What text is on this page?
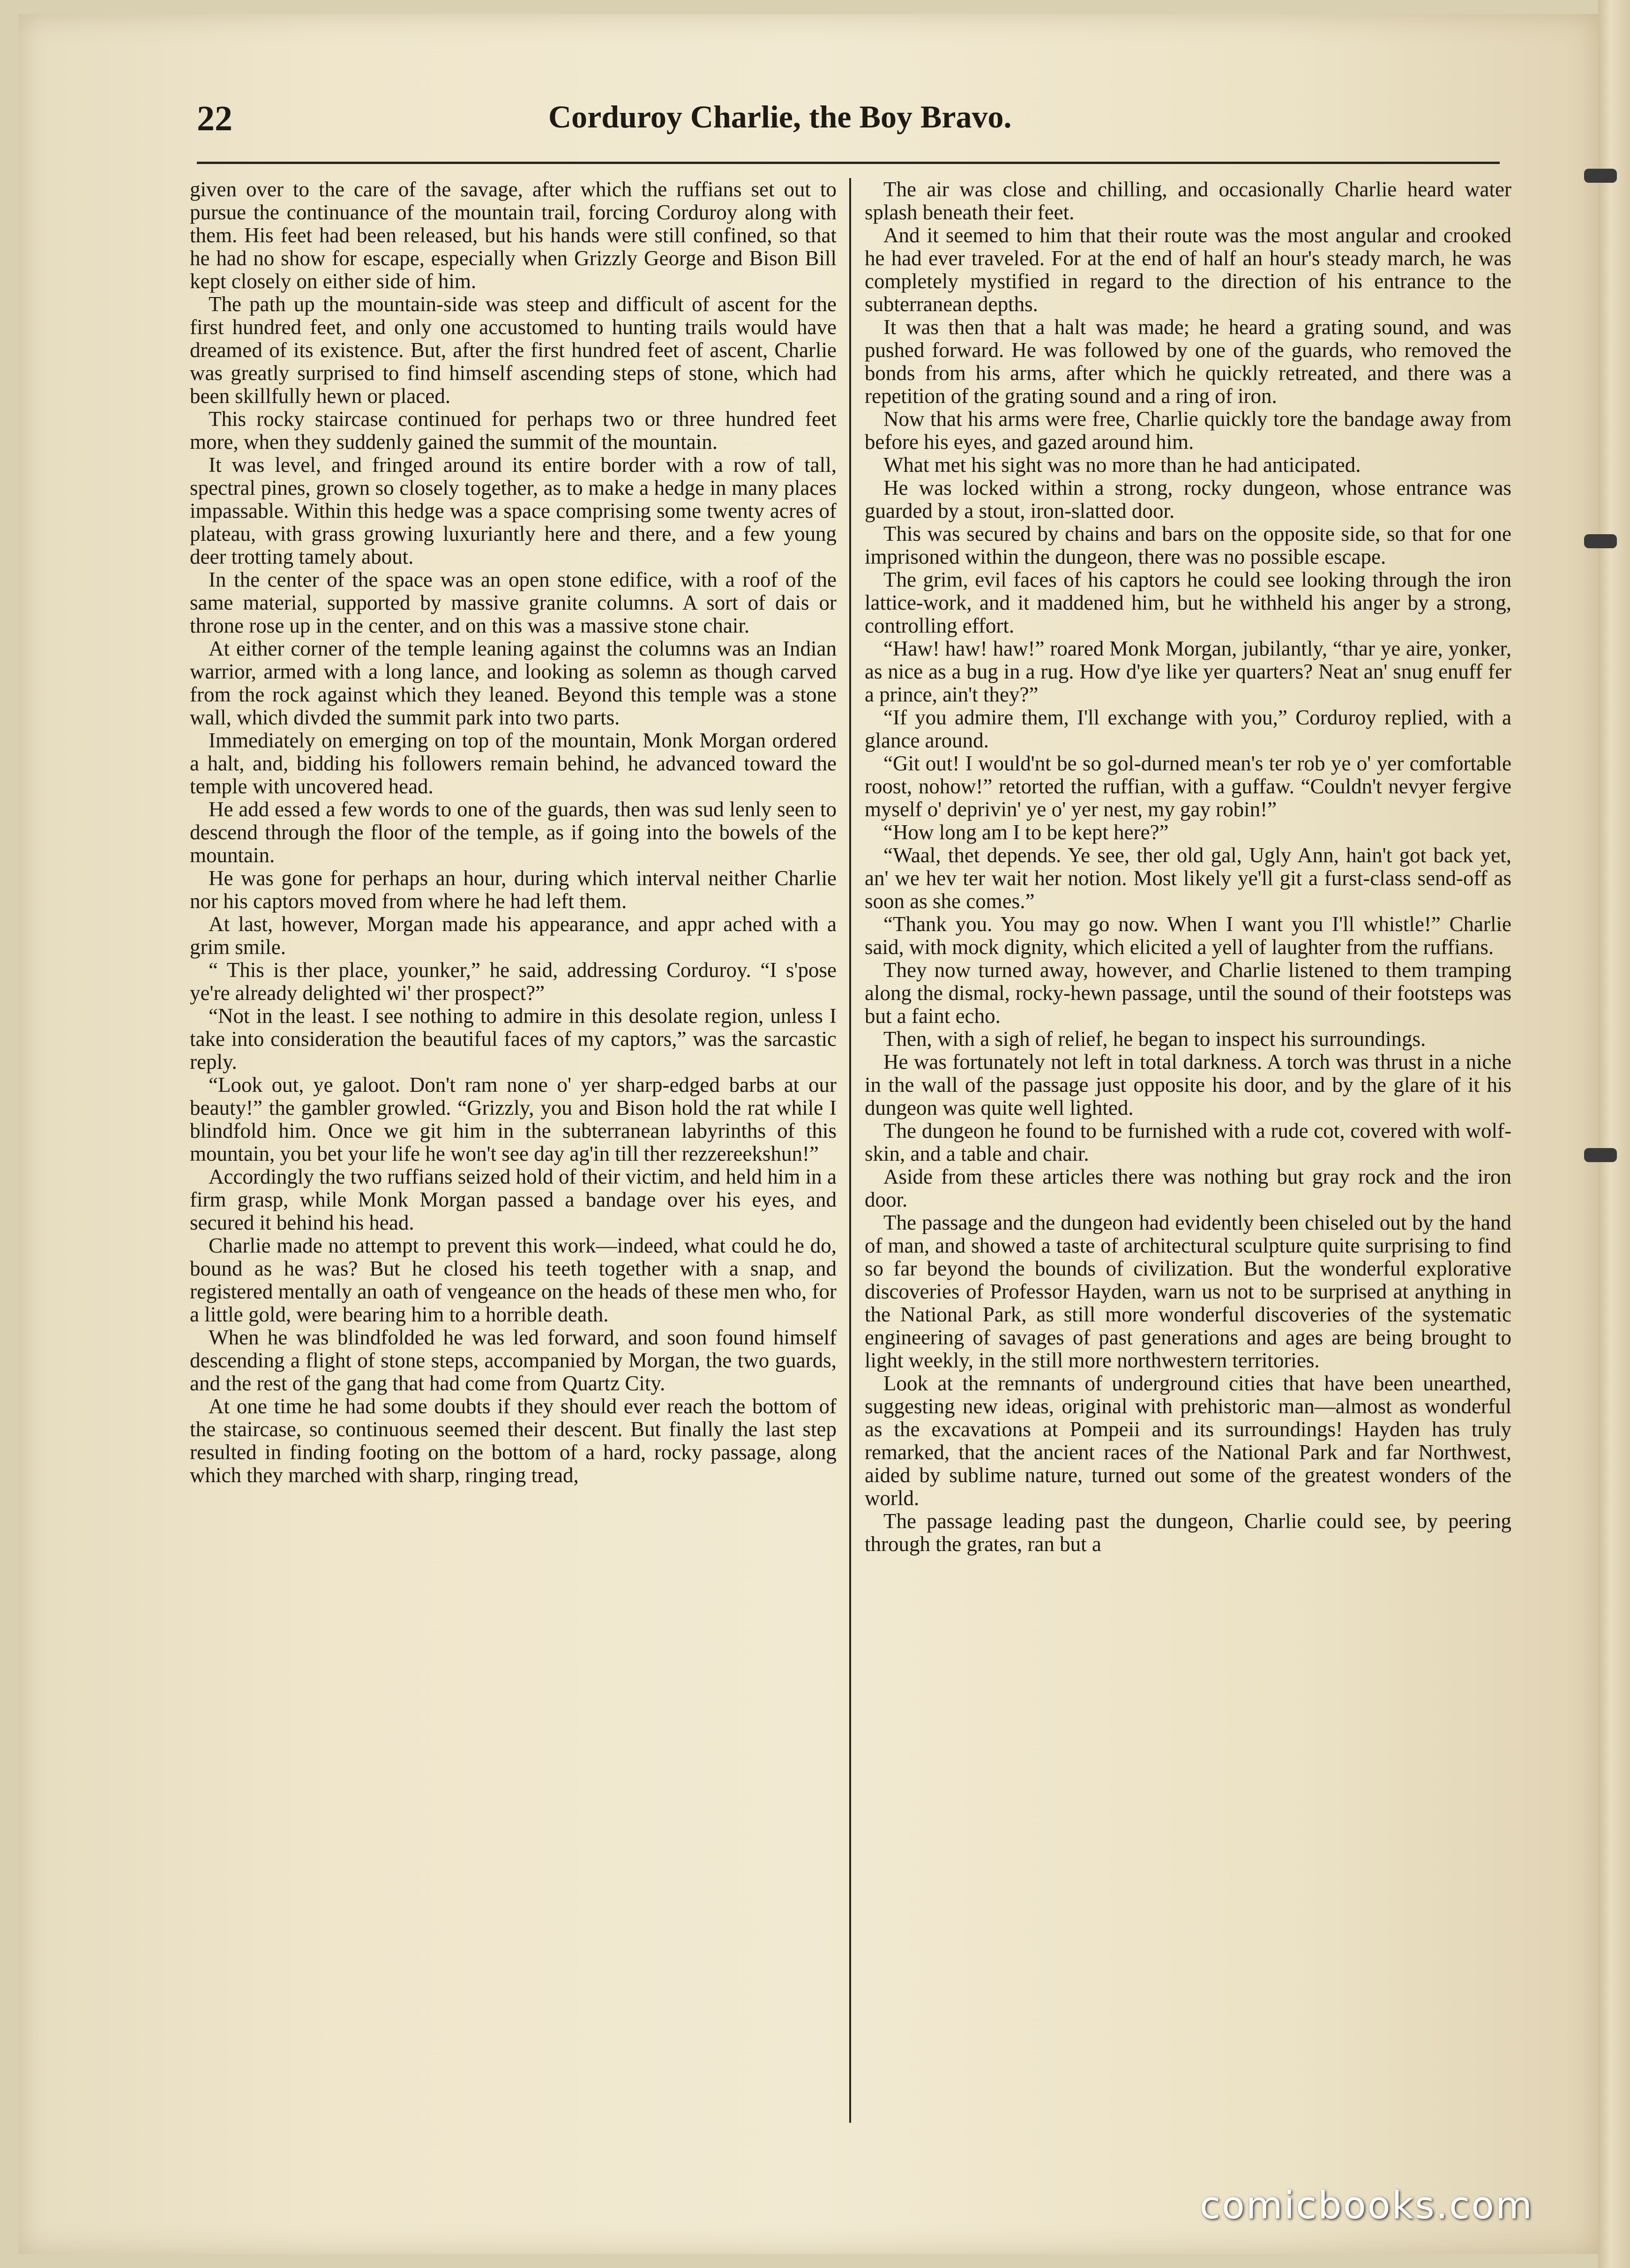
22	Corduroy Charlie, the Boy Bravo.

given over to the care of the savage, after which the ruffians set out to pursue the continuance of the mountain trail, forcing Corduroy along with them. His feet had been released, but his hands were still confined, so that he had no show for escape, especially when Grizzly George and Bison Bill kept closely on either side of him.

The path up the mountain-side was steep and difficult of ascent for the first hundred feet, and only one accustomed to hunting trails would have dreamed of its existence. But, after the first hundred feet of ascent, Charlie was greatly surprised to find himself ascending steps of stone, which had been skillfully hewn or placed.

This rocky staircase continued for perhaps two or three hundred feet more, when they suddenly gained the summit of the mountain.

It was level, and fringed around its entire border with a row of tall, spectral pines, grown so closely together, as to make a hedge in many places impassable. Within this hedge was a space comprising some twenty acres of plateau, with grass growing luxuriantly here and there, and a few young deer trotting tamely about.

In the center of the space was an open stone edifice, with a roof of the same material, supported by massive granite columns. A sort of dais or throne rose up in the center, and on this was a massive stone chair.

At either corner of the temple leaning against the columns was an Indian warrior, armed with a long lance, and looking as solemn as though carved from the rock against which they leaned. Beyond this temple was a stone wall, which divded the summit park into two parts.

Immediately on emerging on top of the mountain, Monk Morgan ordered a halt, and, bidding his followers remain behind, he advanced toward the temple with uncovered head.

He add essed a few words to one of the guards, then was sud lenly seen to descend through the floor of the temple, as if going into the bowels of the mountain.

He was gone for perhaps an hour, during which interval neither Charlie nor his captors moved from where he had left them.

At last, however, Morgan made his appearance, and appr ached with a grim smile.

“ This is ther place, younker,” he said, addressing Corduroy. “I s'pose ye're already delighted wi' ther prospect?”

“Not in the least. I see nothing to admire in this desolate region, unless I take into consideration the beautiful faces of my captors,” was the sarcastic reply.

“Look out, ye galoot. Don't ram none o' yer sharp-edged barbs at our beauty!” the gambler growled. “Grizzly, you and Bison hold the rat while I blindfold him. Once we git him in the subterranean labyrinths of this mountain, you bet your life he won't see day ag'in till ther rezzereekshun!”

Accordingly the two ruffians seized hold of their victim, and held him in a firm grasp, while Monk Morgan passed a bandage over his eyes, and secured it behind his head.

Charlie made no attempt to prevent this work—indeed, what could he do, bound as he was? But he closed his teeth together with a snap, and registered mentally an oath of vengeance on the heads of these men who, for a little gold, were bearing him to a horrible death.

When he was blindfolded he was led forward, and soon found himself descending a flight of stone steps, accompanied by Morgan, the two guards, and the rest of the gang that had come from Quartz City.

At one time he had some doubts if they should ever reach the bottom of the staircase, so continuous seemed their descent. But finally the last step resulted in finding footing on the bottom of a hard, rocky passage, along which they marched with sharp, ringing tread,

The air was close and chilling, and occasionally Charlie heard water splash beneath their feet.

And it seemed to him that their route was the most angular and crooked he had ever traveled. For at the end of half an hour's steady march, he was completely mystified in regard to the direction of his entrance to the subterranean depths.

It was then that a halt was made; he heard a grating sound, and was pushed forward. He was followed by one of the guards, who removed the bonds from his arms, after which he quickly retreated, and there was a repetition of the grating sound and a ring of iron.

Now that his arms were free, Charlie quickly tore the bandage away from before his eyes, and gazed around him.

What met his sight was no more than he had anticipated.

He was locked within a strong, rocky dungeon, whose entrance was guarded by a stout, iron-slatted door.

This was secured by chains and bars on the opposite side, so that for one imprisoned within the dungeon, there was no possible escape.

The grim, evil faces of his captors he could see looking through the iron lattice-work, and it maddened him, but he withheld his anger by a strong, controlling effort.

“Haw! haw! haw!” roared Monk Morgan, jubilantly, “thar ye aire, yonker, as nice as a bug in a rug. How d'ye like yer quarters? Neat an' snug enuff fer a prince, ain't they?”

“If you admire them, I'll exchange with you,” Corduroy replied, with a glance around.

“Git out! I would'nt be so gol-durned mean's ter rob ye o' yer comfortable roost, nohow!” retorted the ruffian, with a guffaw. “Couldn't nevyer fergive myself o' deprivin' ye o' yer nest, my gay robin!”

“How long am I to be kept here?”

“Waal, thet depends. Ye see, ther old gal, Ugly Ann, hain't got back yet, an' we hev ter wait her notion. Most likely ye'll git a furst-class send-off as soon as she comes.”

“Thank you. You may go now. When I want you I'll whistle!” Charlie said, with mock dignity, which elicited a yell of laughter from the ruffians.

They now turned away, however, and Charlie listened to them tramping along the dismal, rocky-hewn passage, until the sound of their footsteps was but a faint echo.

Then, with a sigh of relief, he began to inspect his surroundings.

He was fortunately not left in total darkness. A torch was thrust in a niche in the wall of the passage just opposite his door, and by the glare of it his dungeon was quite well lighted.

The dungeon he found to be furnished with a rude cot, covered with wolf-skin, and a table and chair.

Aside from these articles there was nothing but gray rock and the iron door.

The passage and the dungeon had evidently been chiseled out by the hand of man, and showed a taste of architectural sculpture quite surprising to find so far beyond the bounds of civilization. But the wonderful explorative discoveries of Professor Hayden, warn us not to be surprised at anything in the National Park, as still more wonderful discoveries of the systematic engineering of savages of past generations and ages are being brought to light weekly, in the still more northwestern territories.

Look at the remnants of underground cities that have been unearthed, suggesting new ideas, original with prehistoric man—almost as wonderful as the excavations at Pompeii and its surroundings! Hayden has truly remarked, that the ancient races of the National Park and far Northwest, aided by sublime nature, turned out some of the greatest wonders of the world.

The passage leading past the dungeon, Charlie could see, by peering through the grates, ran but a

comicbooks.com
